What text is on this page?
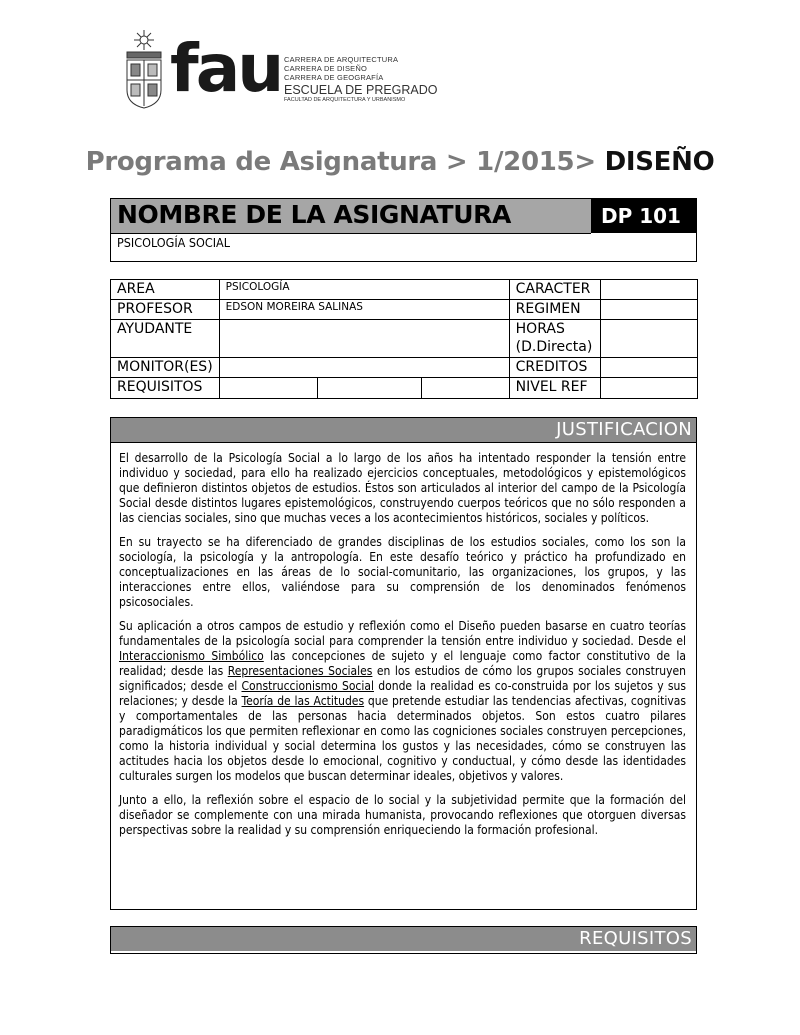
fau CARRERA DE ARQUITECTURA
CARRERA DE DISEÑO
CARRERA DE GEOGRAFÍA
ESCUELA DE PREGRADO
FACULTAD DE ARQUITECTURA Y URBANISMO
Programa de Asignatura > 1/2015> DISEÑO
NOMBRE DE LA ASIGNATURA	DP 101
PSICOLOGÍA SOCIAL
AREA	PSICOLOGÍA			CARACTER	
PROFESOR	EDSON MOREIRA SALINAS			REGIMEN	
AYUDANTE				HORAS
(D.Directa)	

MONITOR(ES)				CREDITOS	
REQUISITOS				NIVEL REF	
JUSTIFICACION

El desarrollo de la Psicología Social a lo largo de los años ha intentado responder la tensión entre individuo y sociedad, para ello ha realizado ejercicios conceptuales, metodológicos y epistemológicos que definieron distintos objetos de estudios. Éstos son articulados al interior del campo de la Psicología Social desde distintos lugares epistemológicos, construyendo cuerpos teóricos que no sólo responden a las ciencias sociales, sino que muchas veces a los acontecimientos históricos, sociales y políticos.

En su trayecto se ha diferenciado de grandes disciplinas de los estudios sociales, como los son la sociología, la psicología y la antropología. En este desafío teórico y práctico ha profundizado en conceptualizaciones en las áreas de lo social-comunitario, las organizaciones, los grupos, y las interacciones entre ellos, valiéndose para su comprensión de los denominados fenómenos psicosociales.

Su aplicación a otros campos de estudio y reflexión como el Diseño pueden basarse en cuatro teorías fundamentales de la psicología social para comprender la tensión entre individuo y sociedad. Desde el Interaccionismo Simbólico las concepciones de sujeto y el lenguaje como factor constitutivo de la realidad; desde las Representaciones Sociales en los estudios de cómo los grupos sociales construyen significados; desde el Construccionismo Social donde la realidad es co-construida por los sujetos y sus relaciones; y desde la Teoría de las Actitudes que pretende estudiar las tendencias afectivas, cognitivas y comportamentales de las personas hacia determinados objetos. Son estos cuatro pilares paradigmáticos los que permiten reflexionar en como las cogniciones sociales construyen percepciones, como la historia individual y social determina los gustos y las necesidades, cómo se construyen las actitudes hacia los objetos desde lo emocional, cognitivo y conductual, y cómo desde las identidades culturales surgen los modelos que buscan determinar ideales, objetivos y valores.

Junto a ello, la reflexión sobre el espacio de lo social y la subjetividad permite que la formación del diseñador se complemente con una mirada humanista, provocando reflexiones que otorguen diversas perspectivas sobre la realidad y su comprensión enriqueciendo la formación profesional.

REQUISITOS
